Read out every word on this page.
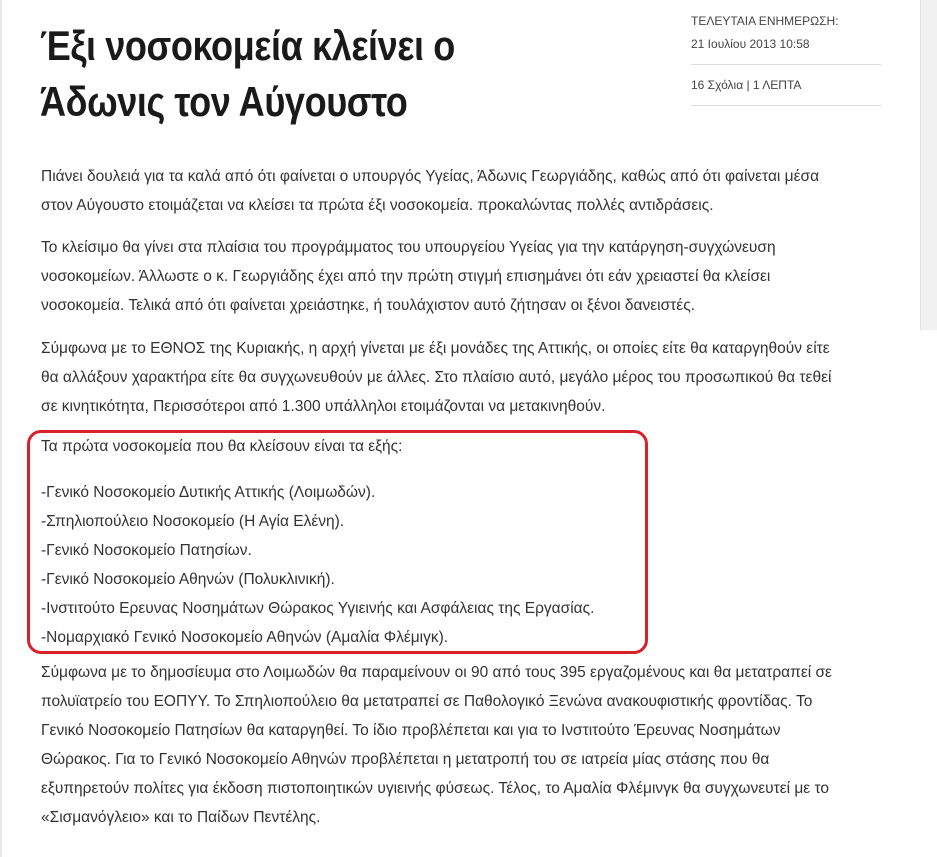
Έξι νοσοκομεία κλείνει ο
Άδωνις τον Αύγουστο
ΤΕΛΕΥΤΑΙΑ ΕΝΗΜΕΡΩΣΗ:
21 Ιουλίου 2013 10:58
16 Σχόλια | 1 ΛΕΠΤΑ

Πιάνει δουλειά για τα καλά από ότι φαίνεται ο υπουργός Υγείας, Άδωνις Γεωργιάδης, καθώς από ότι φαίνεται μέσα
στον Αύγουστο ετοιμάζεται να κλείσει τα πρώτα έξι νοσοκομεία. προκαλώντας πολλές αντιδράσεις.

Το κλείσιμο θα γίνει στα πλαίσια του προγράμματος του υπουργείου Υγείας για την κατάργηση-συγχώνευση
νοσοκομείων. Άλλωστε ο κ. Γεωργιάδης έχει από την πρώτη στιγμή επισημάνει ότι εάν χρειαστεί θα κλείσει
νοσοκομεία. Τελικά από ότι φαίνεται χρειάστηκε, ή τουλάχιστον αυτό ζήτησαν οι ξένοι δανειστές.

Σύμφωνα με το ΕΘΝΟΣ της Κυριακής, η αρχή γίνεται με έξι μονάδες της Αττικής, οι οποίες είτε θα καταργηθούν είτε
θα αλλάξουν χαρακτήρα είτε θα συγχωνευθούν με άλλες. Στο πλαίσιο αυτό, μεγάλο μέρος του προσωπικού θα τεθεί
σε κινητικότητα, Περισσότεροι από 1.300 υπάλληλοι ετοιμάζονται να μετακινηθούν.

Τα πρώτα νοσοκομεία που θα κλείσουν είναι τα εξής:

-Γενικό Νοσοκομείο Δυτικής Αττικής (Λοιμωδών).
-Σπηλιοπούλειο Νοσοκομείο (Η Αγία Ελένη).
-Γενικό Νοσοκομείο Πατησίων.
-Γενικό Νοσοκομείο Αθηνών (Πολυκλινική).
-Ινστιτούτο Ερευνας Νοσημάτων Θώρακος Υγιεινής και Ασφάλειας της Εργασίας.
-Νομαρχιακό Γενικό Νοσοκομείο Αθηνών (Αμαλία Φλέμιγκ).

Σύμφωνα με το δημοσίευμα στο Λοιμωδών θα παραμείνουν οι 90 από τους 395 εργαζομένους και θα μετατραπεί σε
πολυϊατρείο του ΕΟΠΥΥ. Το Σπηλιοπούλειο θα μετατραπεί σε Παθολογικό Ξενώνα ανακουφιστικής φροντίδας. Το
Γενικό Νοσοκομείο Πατησίων θα καταργηθεί. Το ίδιο προβλέπεται και για το Ινστιτούτο Έρευνας Νοσημάτων
Θώρακος. Για το Γενικό Νοσοκομείο Αθηνών προβλέπεται η μετατροπή του σε ιατρεία μίας στάσης που θα
εξυπηρετούν πολίτες για έκδοση πιστοποιητικών υγιεινής φύσεως. Τέλος, το Αμαλία Φλέμινγκ θα συγχωνευτεί με το
«Σισμανόγλειο» και το Παίδων Πεντέλης.
